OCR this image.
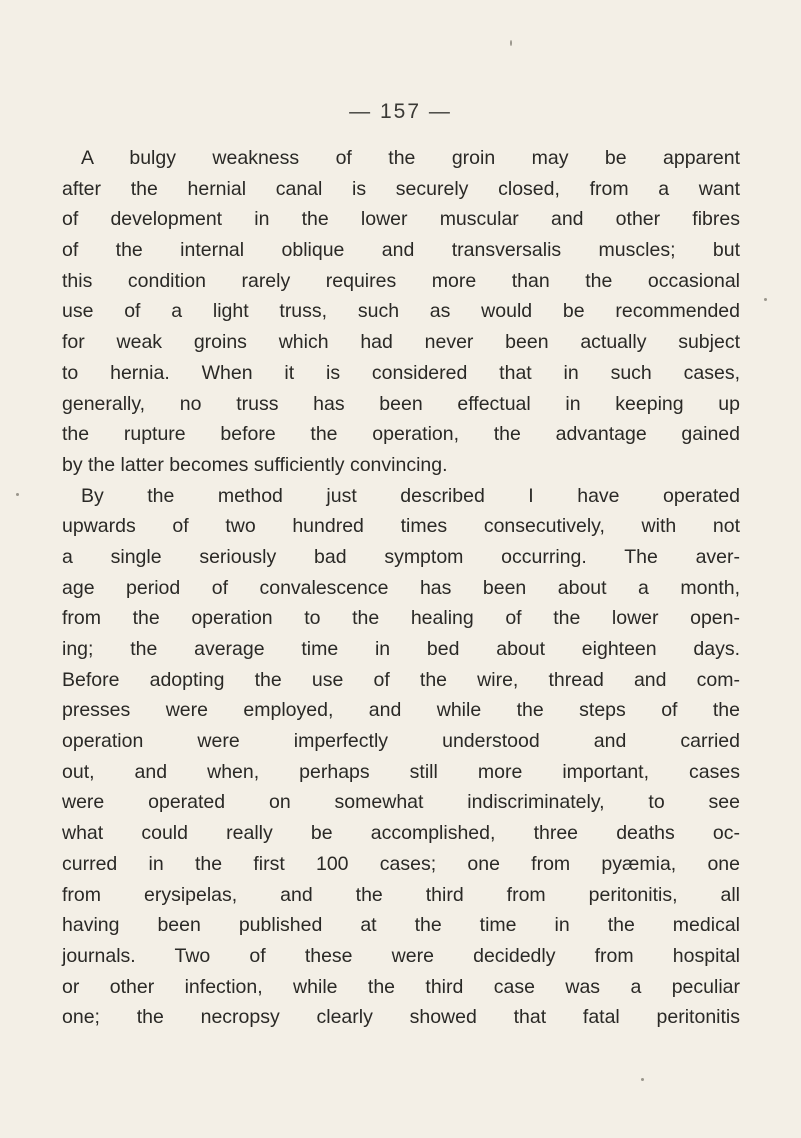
— 157 —
A bulgy weakness of the groin may be apparent
after the hernial canal is securely closed, from a want
of development in the lower muscular and other fibres
of the internal oblique and transversalis muscles; but
this condition rarely requires more than the occasional
use of a light truss, such as would be recommended
for weak groins which had never been actually subject
to hernia. When it is considered that in such cases,
generally, no truss has been effectual in keeping up
the rupture before the operation, the advantage gained
by the latter becomes sufficiently convincing.
By the method just described I have operated
upwards of two hundred times consecutively, with not
a single seriously bad symptom occurring. The aver-
age period of convalescence has been about a month,
from the operation to the healing of the lower open-
ing; the average time in bed about eighteen days.
Before adopting the use of the wire, thread and com-
presses were employed, and while the steps of the
operation were imperfectly understood and carried
out, and when, perhaps still more important, cases
were operated on somewhat indiscriminately, to see
what could really be accomplished, three deaths oc-
curred in the first 100 cases; one from pyæmia, one
from erysipelas, and the third from peritonitis, all
having been published at the time in the medical
journals. Two of these were decidedly from hospital
or other infection, while the third case was a peculiar
one; the necropsy clearly showed that fatal peritonitis
